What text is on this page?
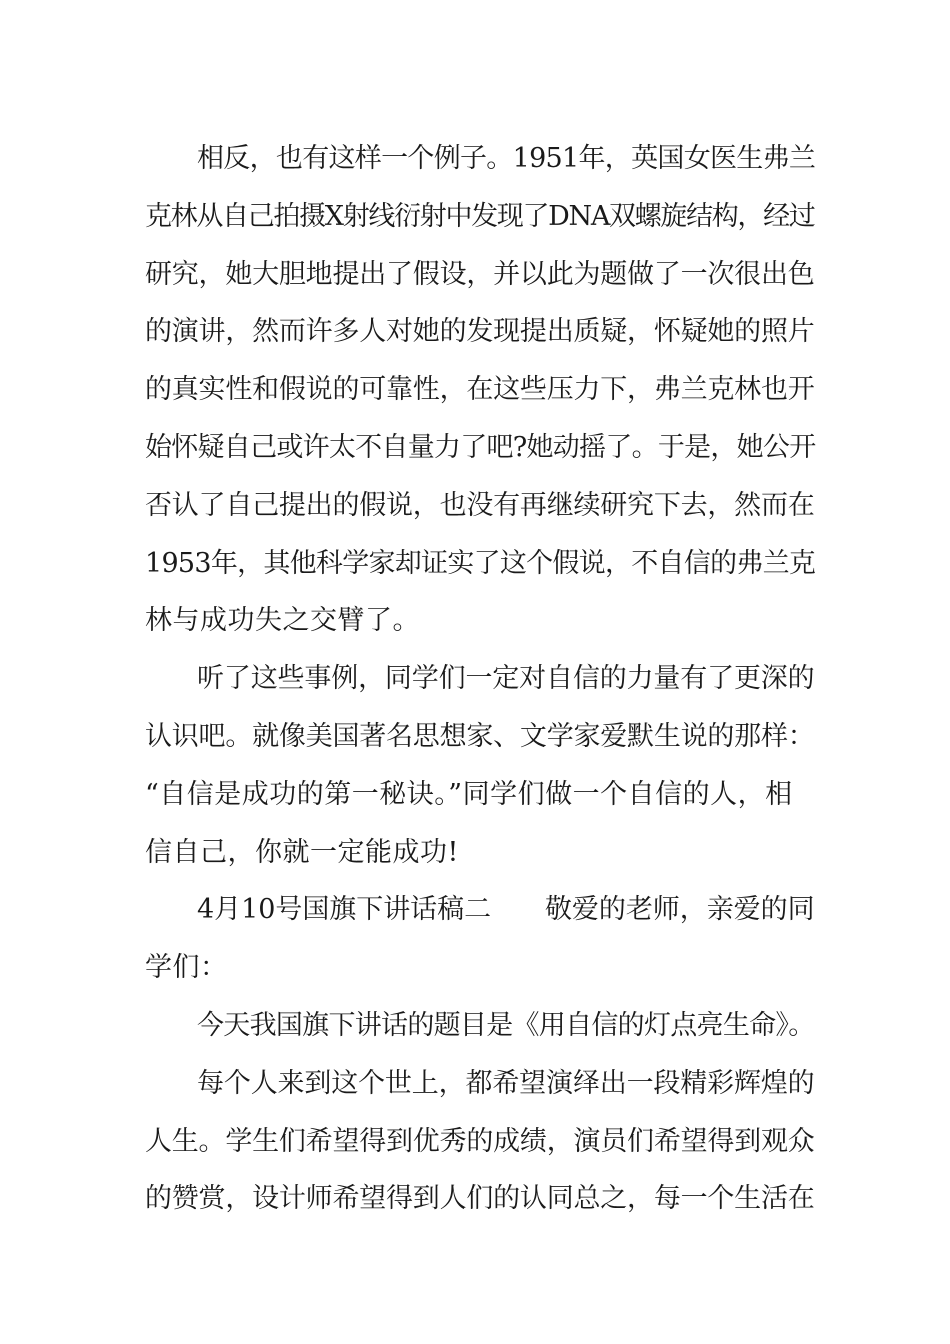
相反，也有这样一个例子。1951年，英国女医生弗兰
克林从自己拍摄X射线衍射中发现了DNA双螺旋结构，经过
研究，她大胆地提出了假设，并以此为题做了一次很出色
的演讲，然而许多人对她的发现提出质疑，怀疑她的照片
的真实性和假说的可靠性，在这些压力下，弗兰克林也开
始怀疑自己或许太不自量力了吧?她动摇了。于是，她公开
否认了自己提出的假说，也没有再继续研究下去，然而在
1953年，其他科学家却证实了这个假说，不自信的弗兰克
林与成功失之交臂了。
听了这些事例，同学们一定对自信的力量有了更深的
认识吧。就像美国著名思想家、文学家爱默生说的那样：
“自信是成功的第一秘诀。”同学们做一个自信的人，相
信自己，你就一定能成功!
4月10号国旗下讲话稿二　　敬爱的老师，亲爱的同
学们：
今天我国旗下讲话的题目是《用自信的灯点亮生命》。
每个人来到这个世上，都希望演绎出一段精彩辉煌的
人生。学生们希望得到优秀的成绩，演员们希望得到观众
的赞赏，设计师希望得到人们的认同总之，每一个生活在
